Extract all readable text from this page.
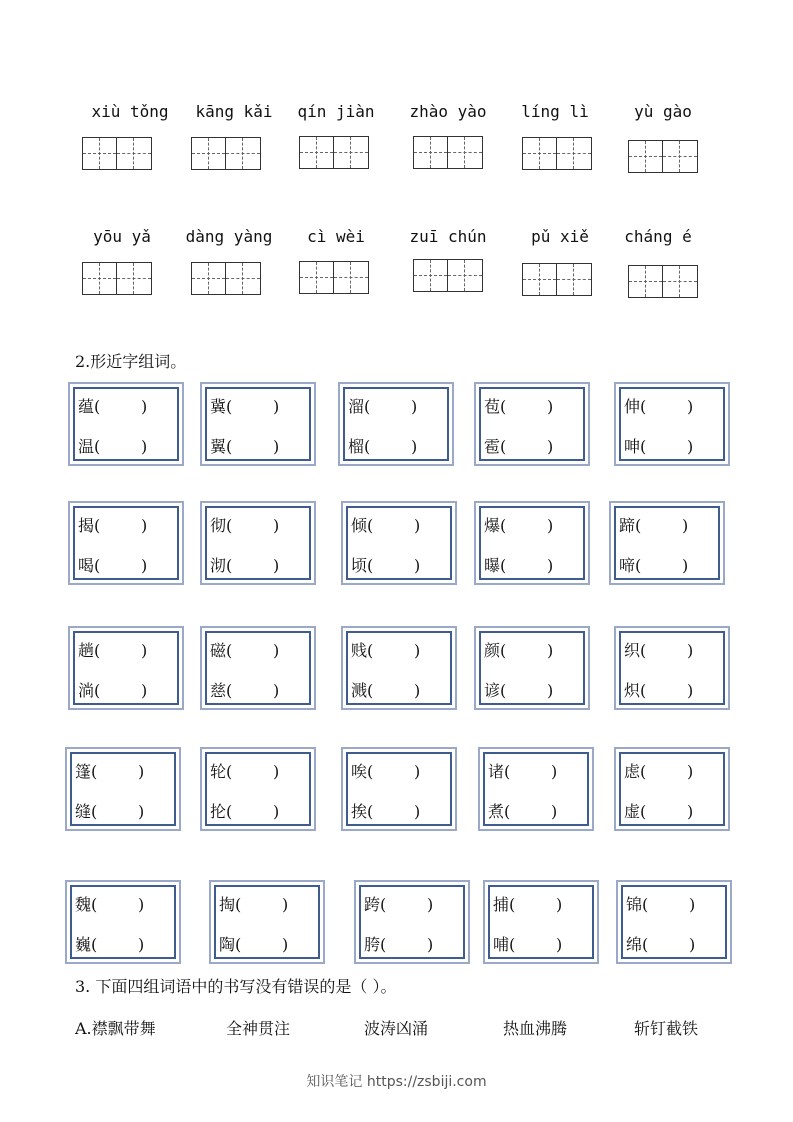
xiù tǒng	kāng kǎi	qín jiàn	zhào yào	líng lì	yù gào
yōu yǎ	dàng yàng	cì wèi	zuī chún	pǔ xiě	cháng é
2.形近字组词。
蕴(        )
温(        )
冀(        )
翼(        )
溜(        )
榴(        )
苞(        )
雹(        )
伸(        )
呻(        )
揭(        )
喝(        )
彻(        )
沏(        )
倾(        )
顷(        )
爆(        )
曝(        )
蹄(        )
啼(        )
趟(        )
淌(        )
磁(        )
慈(        )
贱(        )
溅(        )
颜(        )
谚(        )
织(        )
炽(        )
篷(        )
缝(        )
轮(        )
抡(        )
唉(        )
挨(        )
诸(        )
煮(        )
虑(        )
虚(        )
魏(        )
巍(        )
掏(        )
陶(        )
跨(        )
胯(        )
捕(        )
哺(        )
锦(        )
绵(        )
3. 下面四组词语中的书写没有错误的是（ ）。
A.襟飘带舞	全神贯注	波涛凶涌	热血沸腾	斩钉截铁
知识笔记 https://zsbiji.com
